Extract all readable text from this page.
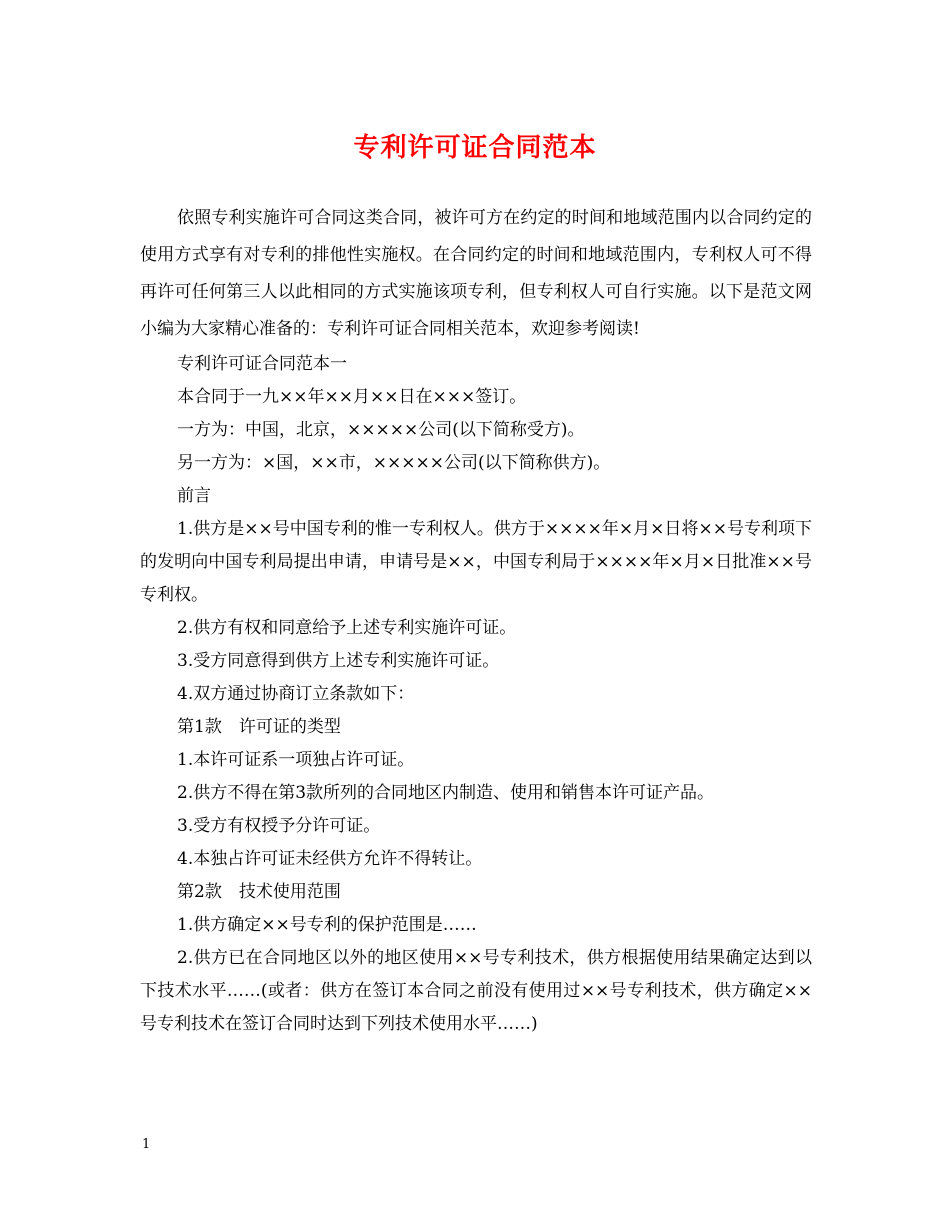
专利许可证合同范本

依照专利实施许可合同这类合同，被许可方在约定的时间和地域范围内以合同约定的使用方式享有对专利的排他性实施权。在合同约定的时间和地域范围内，专利权人可不得再许可任何第三人以此相同的方式实施该项专利，但专利权人可自行实施。以下是范文网小编为大家精心准备的：专利许可证合同相关范本，欢迎参考阅读!

专利许可证合同范本一

本合同于一九××年××月××日在×××签订。

一方为：中国，北京，×××××公司(以下简称受方)。

另一方为：×国，××市，×××××公司(以下简称供方)。

前言

1.供方是××号中国专利的惟一专利权人。供方于××××年×月×日将××号专利项下的发明向中国专利局提出申请，申请号是××，中国专利局于××××年×月×日批准××号专利权。

2.供方有权和同意给予上述专利实施许可证。

3.受方同意得到供方上述专利实施许可证。

4.双方通过协商订立条款如下：

第1款　许可证的类型

1.本许可证系一项独占许可证。

2.供方不得在第3款所列的合同地区内制造、使用和销售本许可证产品。

3.受方有权授予分许可证。

4.本独占许可证未经供方允许不得转让。

第2款　技术使用范围

1.供方确定××号专利的保护范围是……

2.供方已在合同地区以外的地区使用××号专利技术，供方根据使用结果确定达到以下技术水平……(或者：供方在签订本合同之前没有使用过××号专利技术，供方确定××号专利技术在签订合同时达到下列技术使用水平……)

1
